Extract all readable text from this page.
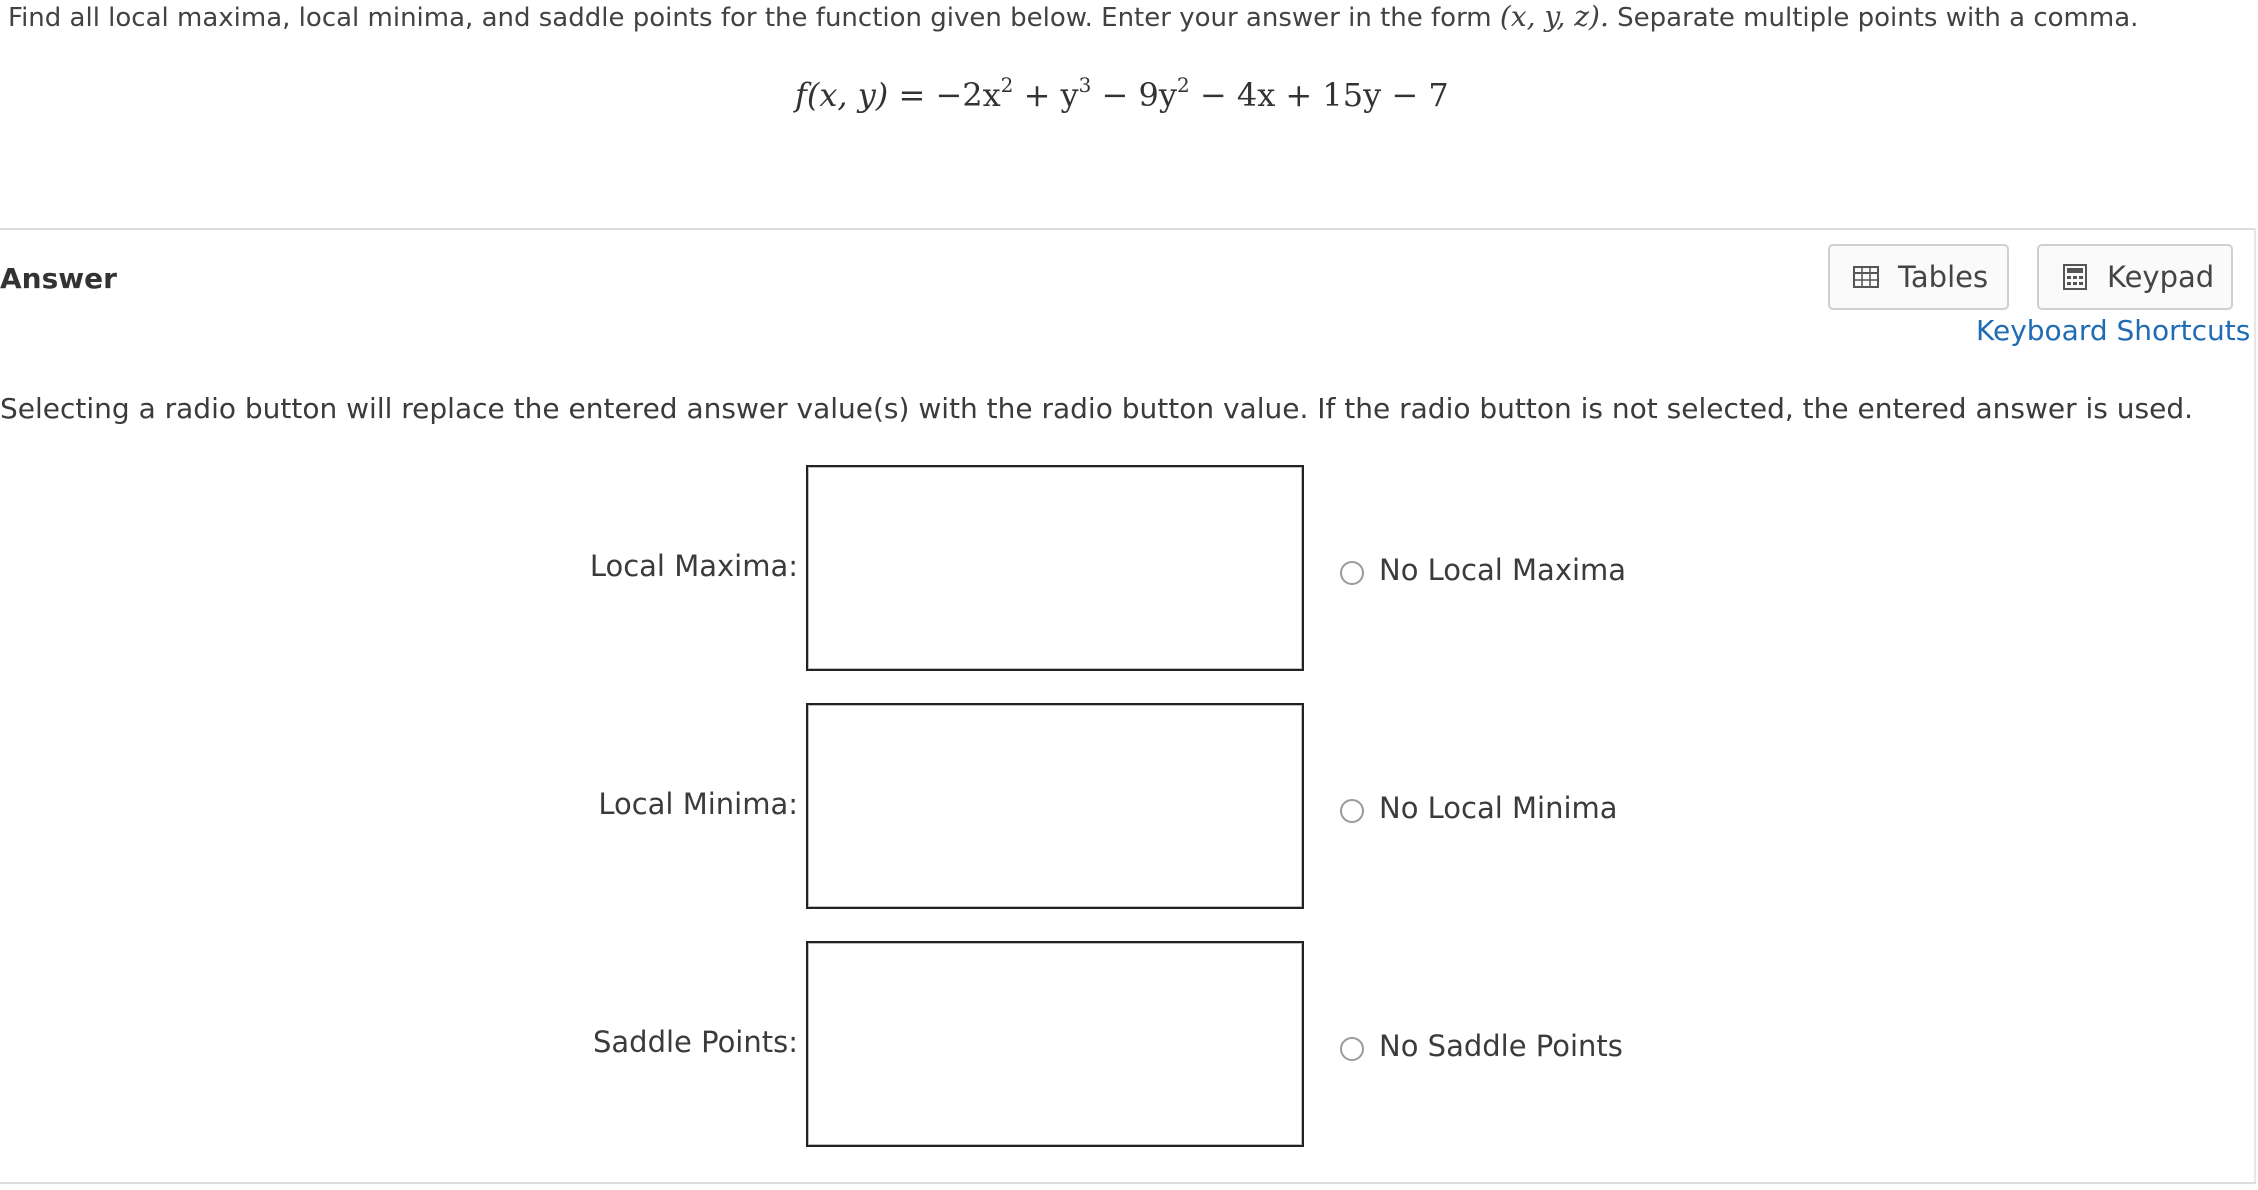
Find all local maxima, local minima, and saddle points for the function given below. Enter your answer in the form (x, y, z). Separate multiple points with a comma.
f(x, $y) = -2x^2 + y^3 - 9y^2 - 4x + 15y - 7$
Answer	Tables	Keypad
Keyboard Shortcuts
Selecting a radio button will replace the entered answer value(s) with the radio button value. If the radio button is not selected, the entered answer is used.
Local Maxima:	No Local Maxima
Local Minima:	No Local Minima
Saddle Points:	No Saddle Points
